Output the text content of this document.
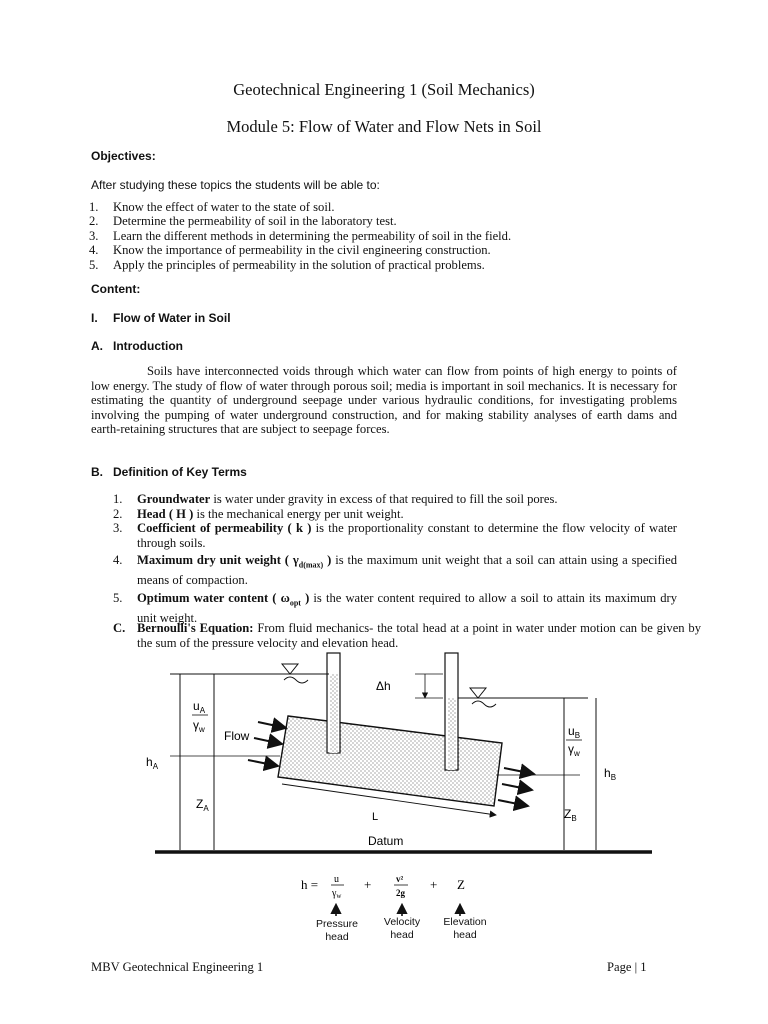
Geotechnical Engineering 1 (Soil Mechanics)
Module 5: Flow of Water and Flow Nets in Soil
Objectives:
After studying these topics the students will be able to:
1.	Know the effect of water to the state of soil.
2.	Determine the permeability of soil in the laboratory test.
3.	Learn the different methods in determining the permeability of soil in the field.
4.	Know the importance of permeability in the civil engineering construction.
5.	Apply the principles of permeability in the solution of practical problems.
Content:
I. Flow of Water in Soil
A. Introduction
Soils have interconnected voids through which water can flow from points of high energy to points of low energy. The study of flow of water through porous soil; media is important in soil mechanics. It is necessary for estimating the quantity of underground seepage under various hydraulic conditions, for investigating problems involving the pumping of water underground construction, and for making stability analyses of earth dams and earth-retaining structures that are subject to seepage forces.
B. Definition of Key Terms
1.	Groundwater is water under gravity in excess of that required to fill the soil pores.
2.	Head ( H ) is the mechanical energy per unit weight.
3.	Coefficient of permeability ( k ) is the proportionality constant to determine the flow velocity of water through soils.
4.	Maximum dry unit weight ( $\gamma_{d(max)}$ ) is the maximum unit weight that a soil can attain using a specified means of compaction.
5.	Optimum water content ( $\omega_{opt}$ ) is the water content required to allow a soil to attain its maximum dry unit weight.
C. Bernoulli's Equation: From fluid mechanics- the total head at a point in water under motion can be given by the sum of the pressure velocity and elevation head.
Δh
$u_A$
$\gamma_w$
$h_A$
$Z_A$
Flow
L
Datum
$u_B$
$\gamma_w$
$h_B$
$Z_B$
h = u
$\gamma_w$
+	v²
2g
+ Z
Pressure
head
Velocity
head
Elevation
head
MBV Geotechnical Engineering 1	Page | 1
